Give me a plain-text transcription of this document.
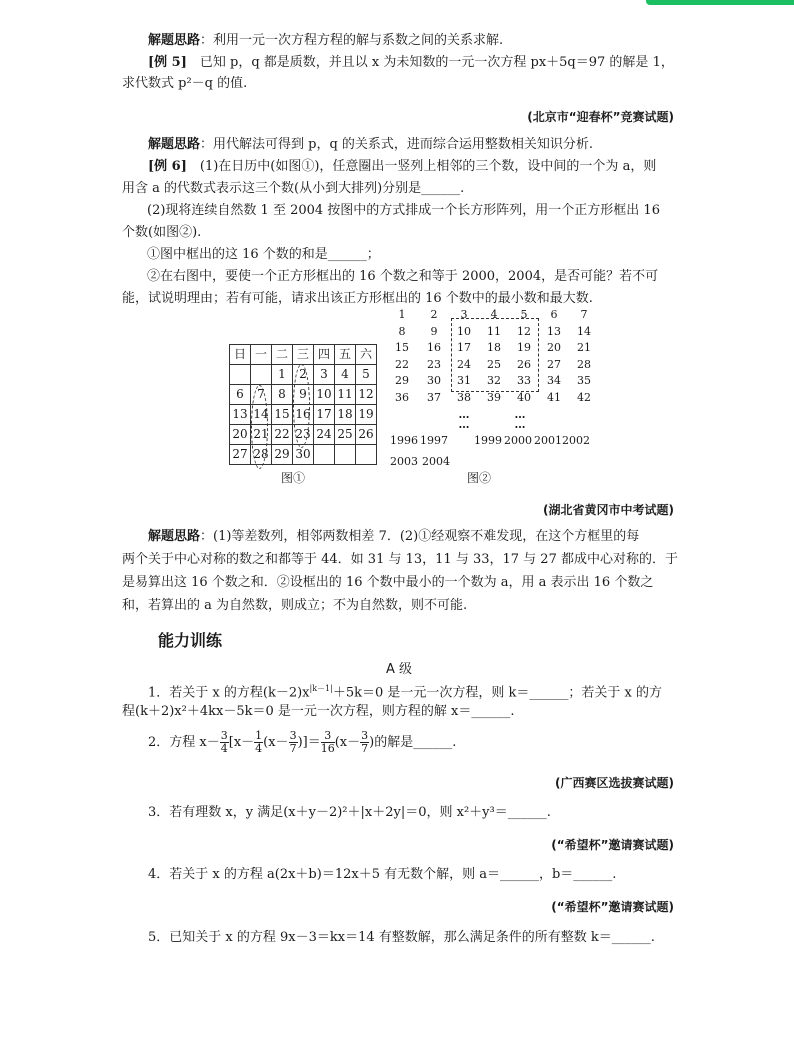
解题思路：利用一元一次方程方程的解与系数之间的关系求解.
[例 5]　已知 p，q 都是质数，并且以 x 为未知数的一元一次方程 px＋5q＝97 的解是 1，
求代数式 p²－q 的值.
(北京市“迎春杯”竞赛试题)
解题思路：用代解法可得到 p，q 的关系式，进而综合运用整数相关知识分析.
[例 6]　(1)在日历中(如图①)，任意圈出一竖列上相邻的三个数，设中间的一个为 a，则
用含 a 的代数式表示这三个数(从小到大排列)分别是______.
　(2)现将连续自然数 1 至 2004 按图中的方式排成一个长方形阵列，用一个正方形框出 16
个数(如图②).
　①图中框出的这 16 个数的和是______；
　②在右图中，要使一个正方形框出的 16 个数之和等于 2000，2004，是否可能？若不可
能，试说明理由；若有可能，请求出该正方形框出的 16 个数中的最小数和最大数.
日	一	二	三	四	五	六
		1	2	3	4	5
6	7	8	9	10	11	12
13	14	15	16	17	18	19
20	21	22	23	24	25	26
27	28	29	30			
图①
1	2	3	4	5	6	7
8	9	10	11	12	13	14
15	16	17	18	19	20	21
22	23	24	25	26	27	28
29	30	31	32	33	34	35
36	37	38	39	40	41	42
…	…
…	…
1996 1997 1999 2000 2001 2002
2003 2004
图②
(湖北省黄冈市中考试题)
解题思路：(1)等差数列，相邻两数相差 7．(2)①经观察不难发现，在这个方框里的每
两个关于中心对称的数之和都等于 44．如 31 与 13，11 与 33，17 与 27 都成中心对称的．于
是易算出这 16 个数之和．②设框出的 16 个数中最小的一个数为 a，用 a 表示出 16 个数之
和，若算出的 a 为自然数，则成立；不为自然数，则不可能.
能力训练
A 级
1．若关于 x 的方程$(k-2)x^{|k-1|}+5k=0$ 是一元一次方程，则 k＝______；若关于 x 的方
程(k＋2)x²＋4kx－5k＝0 是一元一次方程，则方程的解 x＝______.
2．方程 $x- \frac{3}{4} [x- \frac{1}{4} (x- \frac{3}{7}$ )]＝ $\frac{3}{16} (x- \frac{3}{7}$ )的解是______.
(广西赛区选拔赛试题)
3．若有理数 x，y 满足(x＋y－2)²＋|x＋2y|＝0，则 x²＋y³＝______.
(“希望杯”邀请赛试题)
4．若关于 x 的方程 a(2x＋b)＝12x＋5 有无数个解，则 a＝______，b＝______.
(“希望杯”邀请赛试题)
5．已知关于 x 的方程 9x－3＝kx＝14 有整数解，那么满足条件的所有整数 k＝______.
